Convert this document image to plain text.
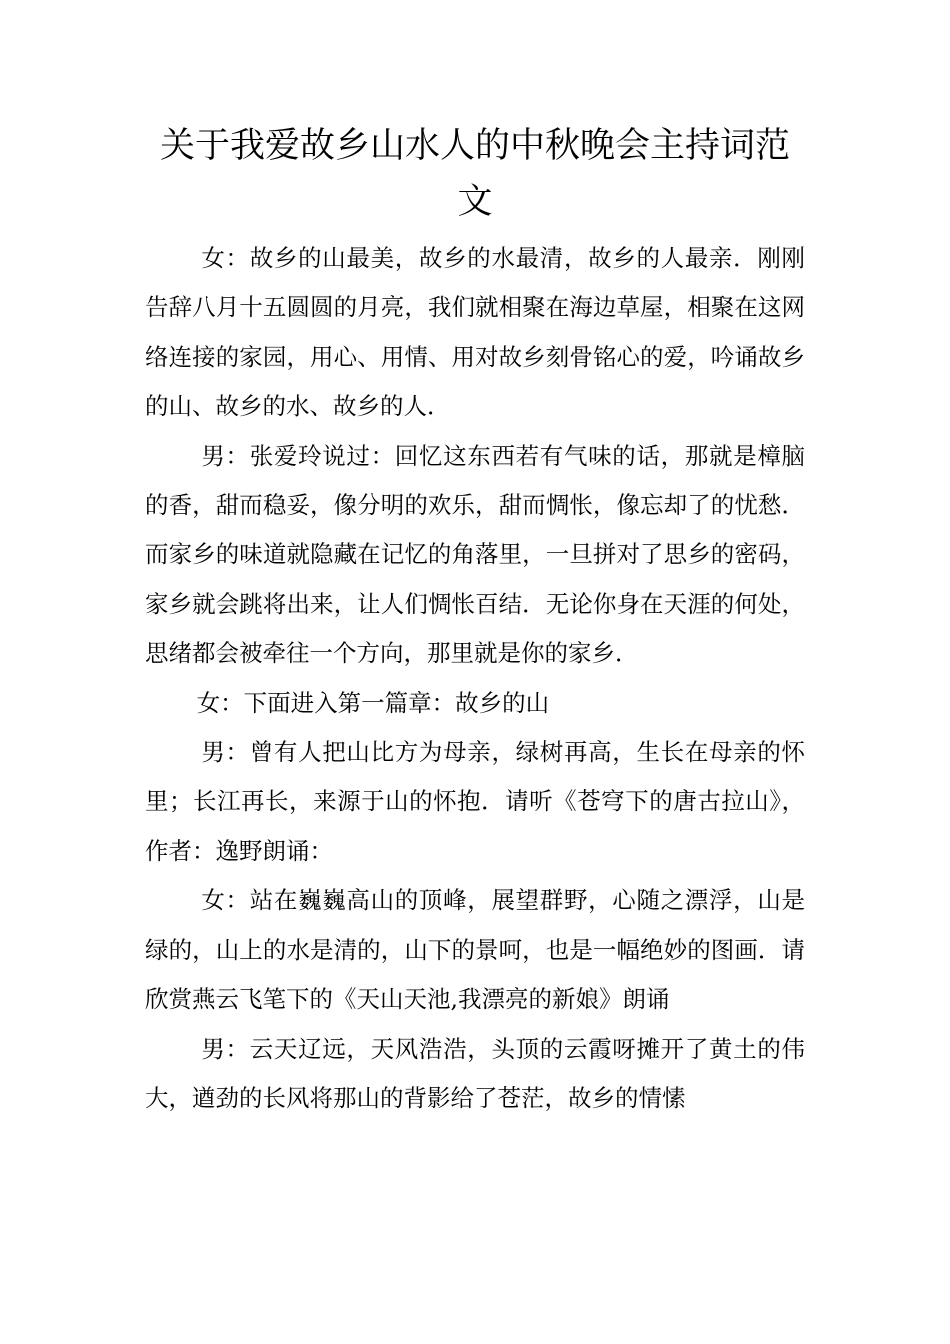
关于我爱故乡山水人的中秋晚会主持词范文

女：故乡的山最美，故乡的水最清，故乡的人最亲．刚刚告辞八月十五圆圆的月亮，我们就相聚在海边草屋，相聚在这网络连接的家园，用心、用情、用对故乡刻骨铭心的爱，吟诵故乡的山、故乡的水、故乡的人．

男：张爱玲说过：回忆这东西若有气味的话，那就是樟脑的香，甜而稳妥，像分明的欢乐，甜而惆怅，像忘却了的忧愁．而家乡的味道就隐藏在记忆的角落里，一旦拼对了思乡的密码，家乡就会跳将出来，让人们惆怅百结．无论你身在天涯的何处，思绪都会被牵往一个方向，那里就是你的家乡．

女：下面进入第一篇章：故乡的山

男：曾有人把山比方为母亲，绿树再高，生长在母亲的怀里；长江再长，来源于山的怀抱．请听《苍穹下的唐古拉山》，作者：逸野朗诵：

女：站在巍巍高山的顶峰，展望群野，心随之漂浮，山是绿的，山上的水是清的，山下的景呵，也是一幅绝妙的图画．请欣赏燕云飞笔下的《天山天池,我漂亮的新娘》朗诵

男：云天辽远，天风浩浩，头顶的云霞呀摊开了黄土的伟大，遒劲的长风将那山的背影给了苍茫，故乡的情愫
